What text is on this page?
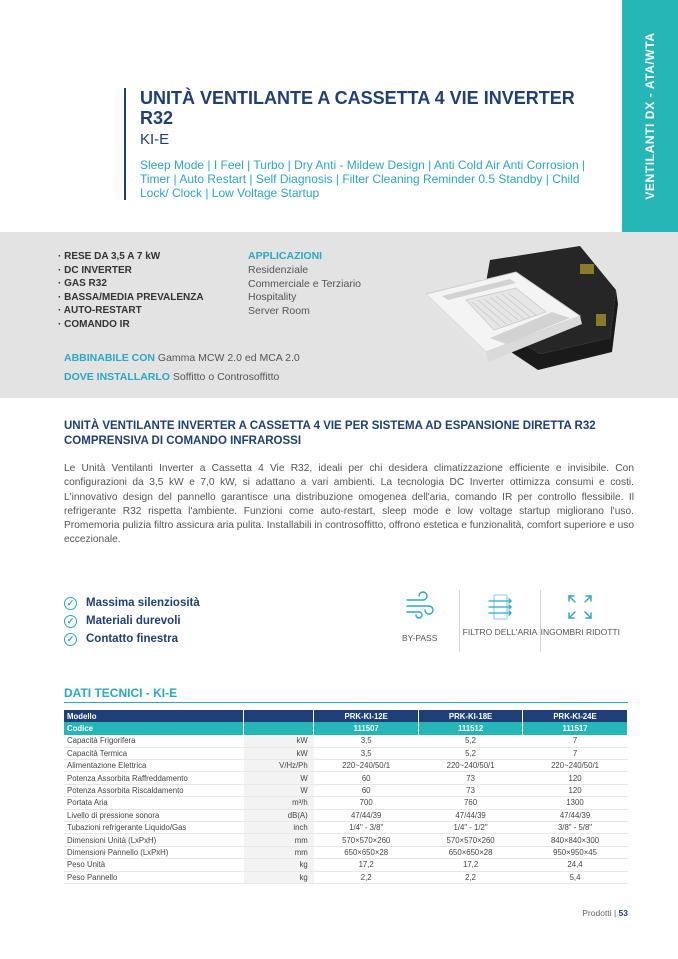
VENTILANTI DX - ATA/WTA
UNITÀ VENTILANTE A CASSETTA 4 VIE INVERTER R32
KI-E

Sleep Mode | I Feel | Turbo | Dry Anti - Mildew Design | Anti Cold Air Anti Corrosion | Timer | Auto Restart | Self Diagnosis | Filter Cleaning Reminder 0.5 Standby | Child Lock/ Clock | Low Voltage Startup

· RESE DA 3,5 A 7 kW
· DC INVERTER
· GAS R32
· BASSA/MEDIA PREVALENZA
· AUTO-RESTART
· COMANDO IR
APPLICAZIONI
Residenziale
Commerciale e Terziario
Hospitality
Server Room
ABBINABILE CON Gamma MCW 2.0 ed MCA 2.0
DOVE INSTALLARLO Soffitto o Controsoffitto
UNITÀ VENTILANTE INVERTER A CASSETTA 4 VIE PER SISTEMA AD ESPANSIONE DIRETTA R32 COMPRENSIVA DI COMANDO INFRAROSSI

Le Unità Ventilanti Inverter a Cassetta 4 Vie R32, ideali per chi desidera climatizzazione efficiente e invisibile. Con configurazioni da 3,5 kW e 7,0 kW, si adattano a vari ambienti. La tecnologia DC Inverter ottimizza consumi e costi. L'innovativo design del pannello garantisce una distribuzione omogenea dell'aria, comando IR per controllo flessibile. Il refrigerante R32 rispetta l'ambiente. Funzioni come auto-restart, sleep mode e low voltage startup migliorano l'uso. Promemoria pulizia filtro assicura aria pulita. Installabili in controsoffitto, offrono estetica e funzionalità, comfort superiore e uso eccezionale.

✓ Massima silenziosità
✓ Materiali durevoli
✓ Contatto finestra	BY-PASS
FILTRO DELL'ARIA INGOMBRI RIDOTTI
DATI TECNICI - KI-E
Modello		PRK-KI-12E	PRK-KI-18E	PRK-KI-24E
Codice		111507	111512	111517
Capacità Frigorifera	kW	3,5	5,2	7
Capacità Termica	kW	3,5	5,2	7
Alimentazione Elettrica	V/Hz/Ph	220~240/50/1	220~240/50/1	220~240/50/1
Potenza Assorbita Raffreddamento	W	60	73	120
Potenza Assorbita Riscaldamento	W	60	73	120
Portata Aria	m³/h	700	760	1300
Livello di pressione sonora	dB(A)	47/44/39	47/44/39	47/44/39
Tubazioni refrigerante Liquido/Gas	inch	1/4" - 3/8"	1/4" - 1/2"	3/8" - 5/8"
Dimensioni Unità (LxPxH)	mm	570×570×260	570×570×260	840×840×300
Dimensioni Pannello (LxPxH)	mm	650×650×28	650×650×28	950×950×45
Peso Unità	kg	17,2	17,2	24,4
Peso Pannello	kg	2,2	2,2	5,4
Prodotti | 53
